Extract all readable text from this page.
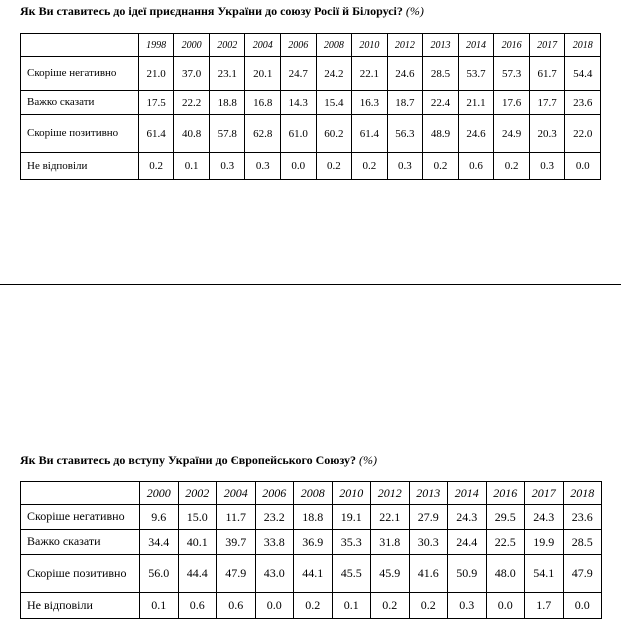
Як Ви ставитесь до ідеї приєднання України до союзу Росії й Білорусі? (%)
	1998	2000	2002	2004	2006	2008	2010	2012	2013	2014	2016	2017	2018
Скоріше негативно	21.0	37.0	23.1	20.1	24.7	24.2	22.1	24.6	28.5	53.7	57.3	61.7	54.4
Важко сказати	17.5	22.2	18.8	16.8	14.3	15.4	16.3	18.7	22.4	21.1	17.6	17.7	23.6
Скоріше позитивно	61.4	40.8	57.8	62.8	61.0	60.2	61.4	56.3	48.9	24.6	24.9	20.3	22.0
Не відповіли	0.2	0.1	0.3	0.3	0.0	0.2	0.2	0.3	0.2	0.6	0.2	0.3	0.0
Як Ви ставитесь до вступу України до Європейського Союзу? (%)
	2000	2002	2004	2006	2008	2010	2012	2013	2014	2016	2017	2018
Скоріше негативно	9.6	15.0	11.7	23.2	18.8	19.1	22.1	27.9	24.3	29.5	24.3	23.6
Важко сказати	34.4	40.1	39.7	33.8	36.9	35.3	31.8	30.3	24.4	22.5	19.9	28.5
Скоріше позитивно	56.0	44.4	47.9	43.0	44.1	45.5	45.9	41.6	50.9	48.0	54.1	47.9
Не відповіли	0.1	0.6	0.6	0.0	0.2	0.1	0.2	0.2	0.3	0.0	1.7	0.0
